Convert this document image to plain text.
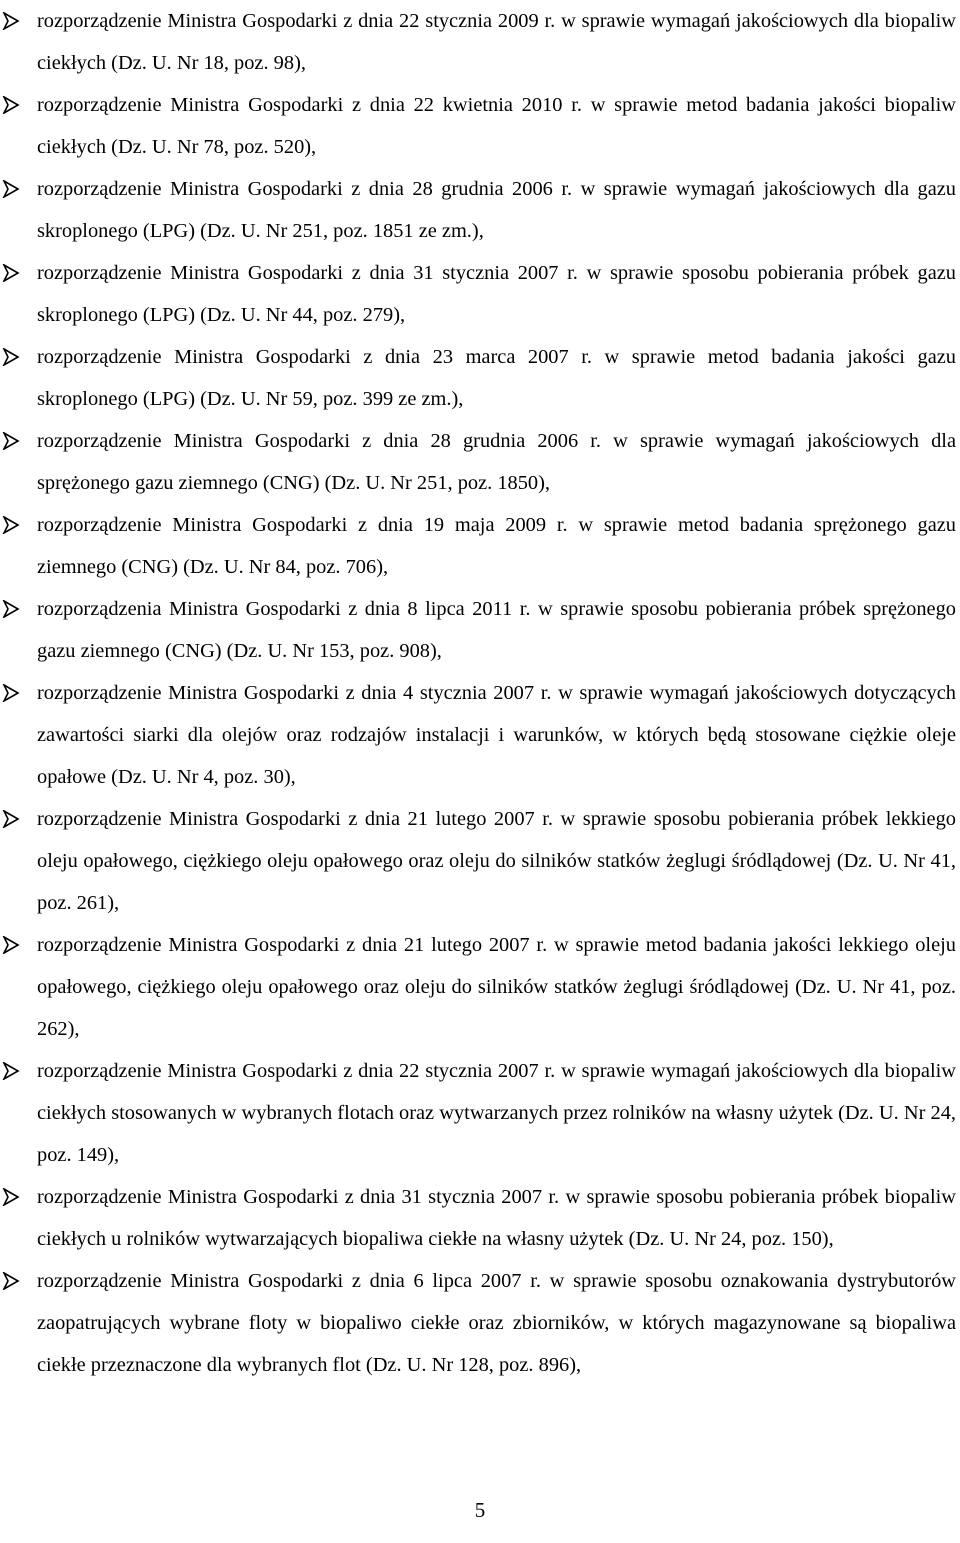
rozporządzenie Ministra Gospodarki z dnia 22 stycznia 2009 r. w sprawie wymagań jakościowych dla biopaliw ciekłych (Dz. U. Nr 18, poz. 98),
rozporządzenie Ministra Gospodarki z dnia 22 kwietnia 2010 r. w sprawie metod badania jakości biopaliw ciekłych (Dz. U. Nr 78, poz. 520),
rozporządzenie Ministra Gospodarki z dnia 28 grudnia 2006 r. w sprawie wymagań jakościowych dla gazu skroplonego (LPG) (Dz. U. Nr 251, poz. 1851 ze zm.),
rozporządzenie Ministra Gospodarki z dnia 31 stycznia 2007 r. w sprawie sposobu pobierania próbek gazu skroplonego (LPG) (Dz. U. Nr 44, poz. 279),
rozporządzenie Ministra Gospodarki z dnia 23 marca 2007 r. w sprawie metod badania jakości gazu skroplonego (LPG) (Dz. U. Nr 59, poz. 399 ze zm.),
rozporządzenie Ministra Gospodarki z dnia 28 grudnia 2006 r. w sprawie wymagań jakościowych dla sprężonego gazu ziemnego (CNG) (Dz. U. Nr 251, poz. 1850),
rozporządzenie Ministra Gospodarki z dnia 19 maja 2009 r. w sprawie metod badania sprężonego gazu ziemnego (CNG) (Dz. U. Nr 84, poz. 706),
rozporządzenia Ministra Gospodarki z dnia 8 lipca 2011 r. w sprawie sposobu pobierania próbek sprężonego gazu ziemnego (CNG) (Dz. U. Nr 153, poz. 908),
rozporządzenie Ministra Gospodarki z dnia 4 stycznia 2007 r. w sprawie wymagań jakościowych dotyczących zawartości siarki dla olejów oraz rodzajów instalacji i warunków, w których będą stosowane ciężkie oleje opałowe (Dz. U. Nr 4, poz. 30),
rozporządzenie Ministra Gospodarki z dnia 21 lutego 2007 r. w sprawie sposobu pobierania próbek lekkiego oleju opałowego, ciężkiego oleju opałowego oraz oleju do silników statków żeglugi śródlądowej (Dz. U. Nr 41, poz. 261),
rozporządzenie Ministra Gospodarki z dnia 21 lutego 2007 r. w sprawie metod badania jakości lekkiego oleju opałowego, ciężkiego oleju opałowego oraz oleju do silników statków żeglugi śródlądowej (Dz. U. Nr 41, poz. 262),
rozporządzenie Ministra Gospodarki z dnia 22 stycznia 2007 r. w sprawie wymagań jakościowych dla biopaliw ciekłych stosowanych w wybranych flotach oraz wytwarzanych przez rolników na własny użytek (Dz. U. Nr 24, poz. 149),
rozporządzenie Ministra Gospodarki z dnia 31 stycznia 2007 r. w sprawie sposobu pobierania próbek biopaliw ciekłych u rolników wytwarzających biopaliwa ciekłe na własny użytek (Dz. U. Nr 24, poz. 150),
rozporządzenie Ministra Gospodarki z dnia 6 lipca 2007 r. w sprawie sposobu oznakowania dystrybutorów zaopatrujących wybrane floty w biopaliwo ciekłe oraz zbiorników, w których magazynowane są biopaliwa ciekłe przeznaczone dla wybranych flot (Dz. U. Nr 128, poz. 896),
5
